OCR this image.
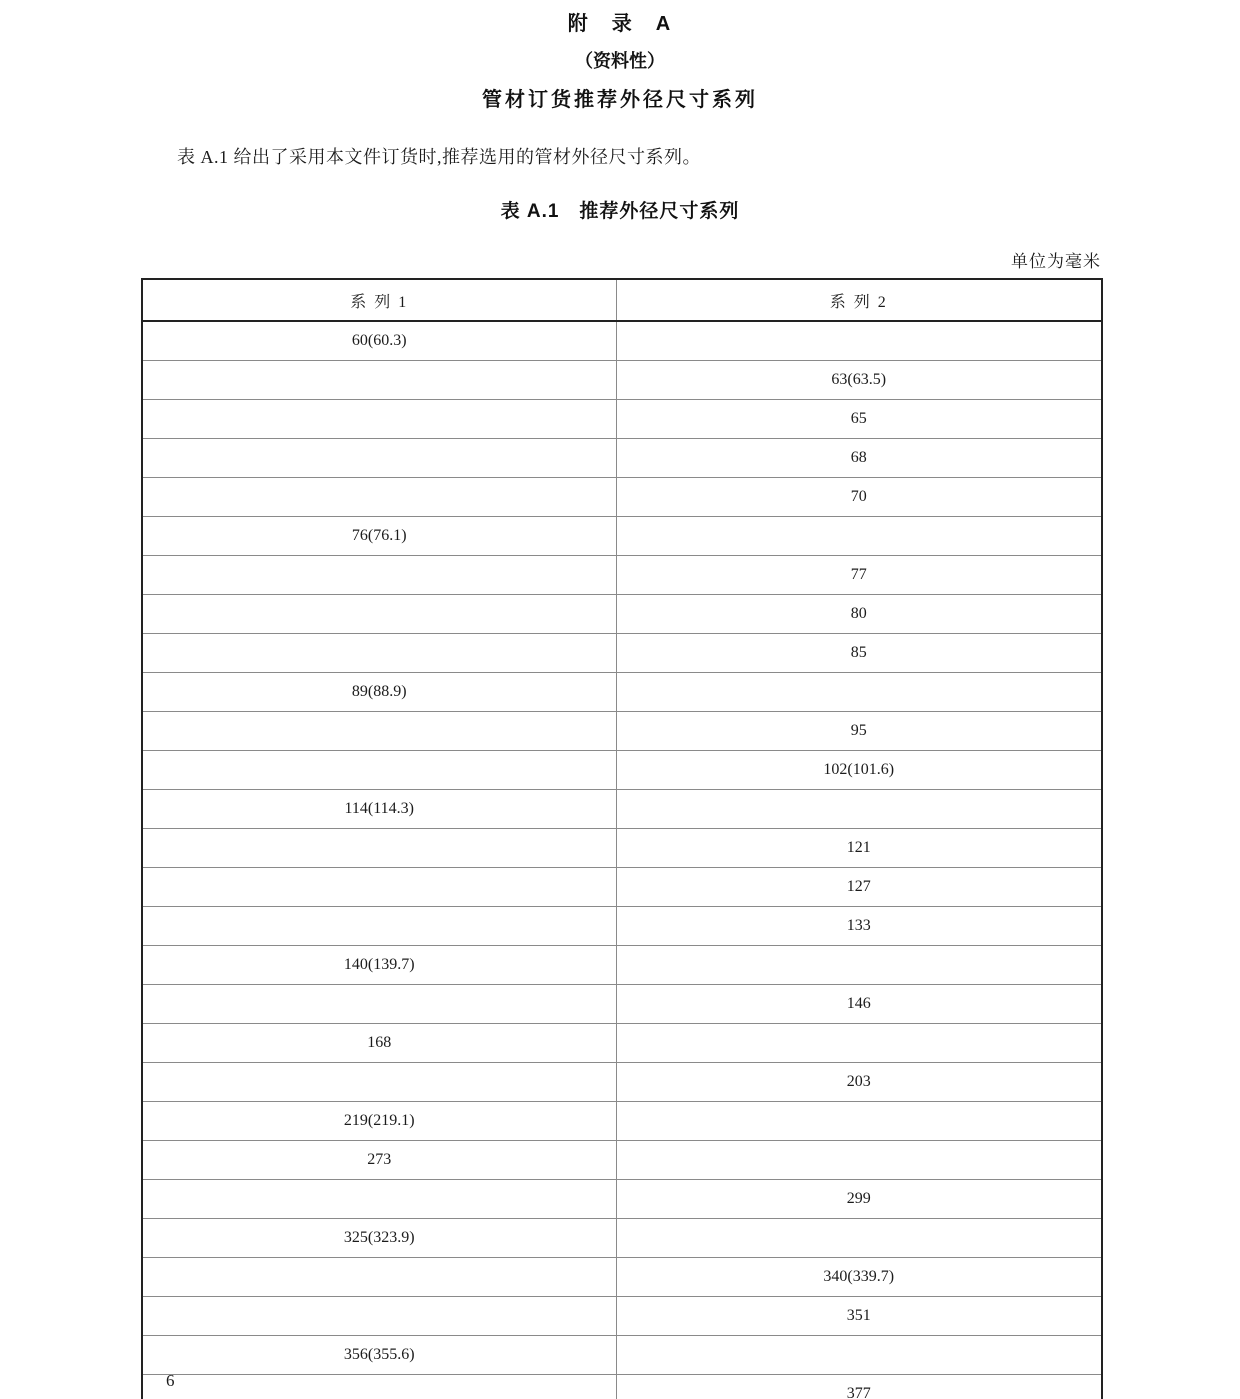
附　录　A
（资料性）
管材订货推荐外径尺寸系列

表 A.1 给出了采用本文件订货时,推荐选用的管材外径尺寸系列。

表 A.1　推荐外径尺寸系列

单位为毫米

系 列 1	系 列 2
60(60.3)	
	63(63.5)
	65
	68
	70
76(76.1)	
	77
	80
	85
89(88.9)	
	95
	102(101.6)
114(114.3)	
	121
	127
	133
140(139.7)	
	146
168	
	203
219(219.1)	
273	
	299
325(323.9)	
	340(339.7)
	351
356(355.6)	
	377
6
